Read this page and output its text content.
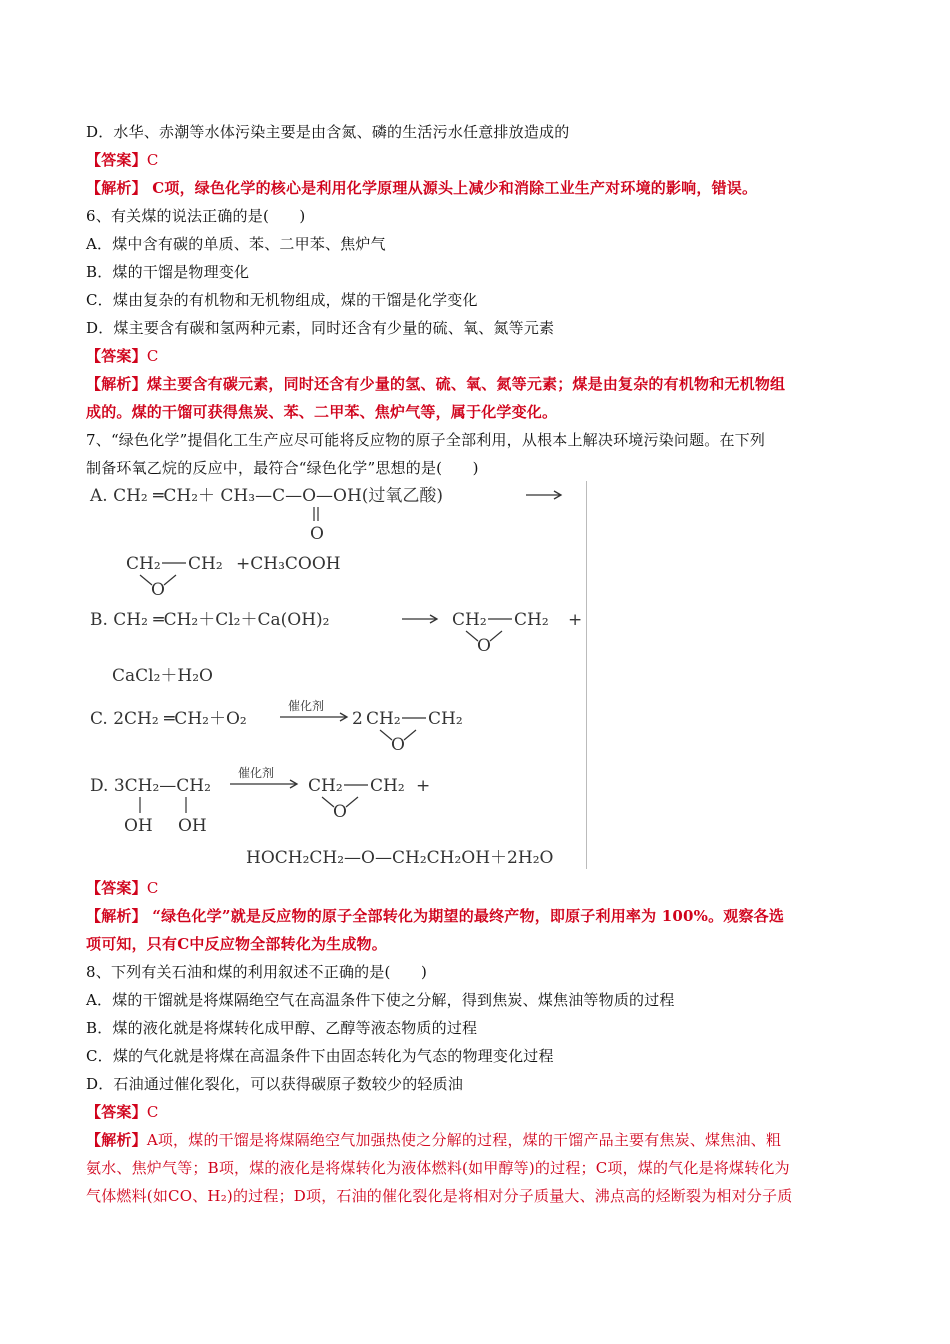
D．水华、赤潮等水体污染主要是由含氮、磷的生活污水任意排放造成的
【答案】C
【解析】 C项，绿色化学的核心是利用化学原理从源头上减少和消除工业生产对环境的影响，错误。
6、有关煤的说法正确的是(　　)
A．煤中含有碳的单质、苯、二甲苯、焦炉气
B．煤的干馏是物理变化
C．煤由复杂的有机物和无机物组成，煤的干馏是化学变化
D．煤主要含有碳和氢两种元素，同时还含有少量的硫、氧、氮等元素
【答案】C
【解析】煤主要含有碳元素，同时还含有少量的氢、硫、氧、氮等元素；煤是由复杂的有机物和无机物组
成的。煤的干馏可获得焦炭、苯、二甲苯、焦炉气等，属于化学变化。
7、“绿色化学”提倡化工生产应尽可能将反应物的原子全部利用，从根本上解决环境污染问题。在下列
制备环氧乙烷的反应中，最符合“绿色化学”思想的是(　　)
A. CH₂ ═CH₂＋ CH₃—C—O—OH(过氧乙酸)
O
CH₂ CH₂
O
+CH₃COOH
B. CH₂ ═CH₂＋Cl₂＋Ca(OH)₂	CH₂ CH₂
O
+
CaCl₂＋H₂O
C. 2CH₂ ═CH₂＋O₂
催化剂
2 CH₂ CH₂
O
D. 3CH₂—CH₂
OH OH
催化剂
CH₂ CH₂
O
+
HOCH₂CH₂—O—CH₂CH₂OH＋2H₂O
【答案】C
【解析】 “绿色化学”就是反应物的原子全部转化为期望的最终产物，即原子利用率为 100%。观察各选
项可知，只有C中反应物全部转化为生成物。
8、下列有关石油和煤的利用叙述不正确的是(　　)
A．煤的干馏就是将煤隔绝空气在高温条件下使之分解，得到焦炭、煤焦油等物质的过程
B．煤的液化就是将煤转化成甲醇、乙醇等液态物质的过程
C．煤的气化就是将煤在高温条件下由固态转化为气态的物理变化过程
D．石油通过催化裂化，可以获得碳原子数较少的轻质油
【答案】C
【解析】A项，煤的干馏是将煤隔绝空气加强热使之分解的过程，煤的干馏产品主要有焦炭、煤焦油、粗
氨水、焦炉气等；B项，煤的液化是将煤转化为液体燃料(如甲醇等)的过程；C项，煤的气化是将煤转化为
气体燃料(如CO、H₂)的过程；D项，石油的催化裂化是将相对分子质量大、沸点高的烃断裂为相对分子质
